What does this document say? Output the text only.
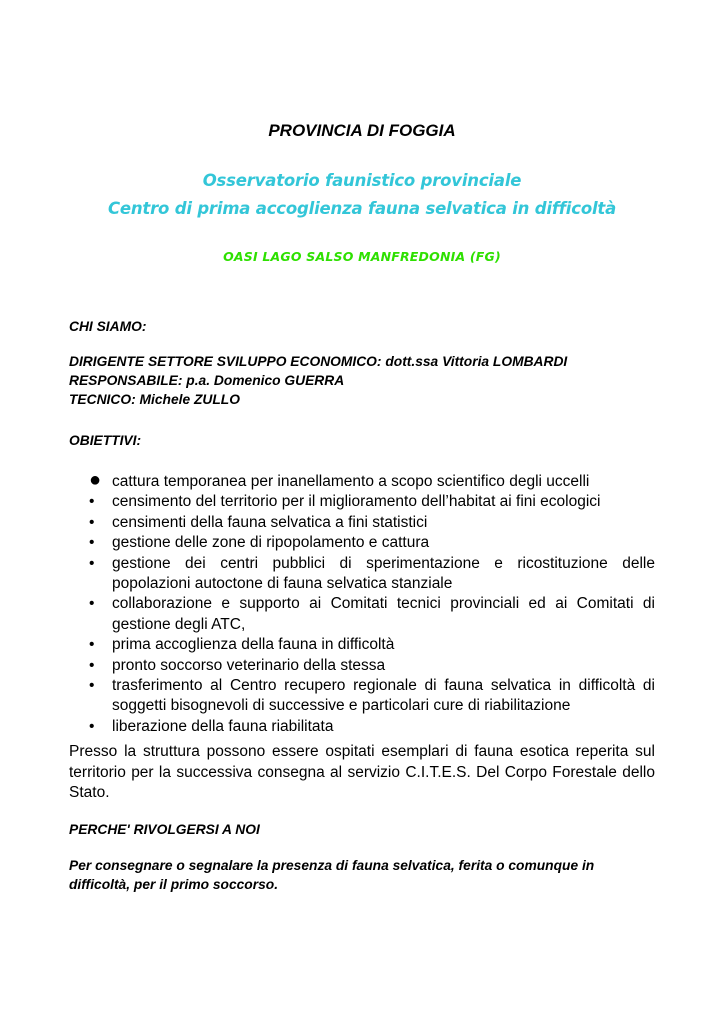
PROVINCIA DI FOGGIA
Osservatorio faunistico provinciale
Centro di prima accoglienza fauna selvatica in difficoltà
OASI LAGO SALSO MANFREDONIA (FG)
CHI SIAMO:
DIRIGENTE SETTORE SVILUPPO ECONOMICO: dott.ssa Vittoria LOMBARDI
RESPONSABILE: p.a. Domenico GUERRA
TECNICO: Michele ZULLO
OBIETTIVI:
● cattura temporanea per inanellamento a scopo scientifico degli uccelli
• censimento del territorio per il miglioramento dell’habitat ai fini ecologici
• censimenti della fauna selvatica a fini statistici
• gestione delle zone di ripopolamento e cattura
• gestione dei centri pubblici di sperimentazione e ricostituzione delle popolazioni autoctone di fauna selvatica stanziale
• collaborazione e supporto ai Comitati tecnici provinciali ed ai Comitati di gestione degli ATC,
• prima accoglienza della fauna in difficoltà
• pronto soccorso veterinario della stessa
• trasferimento al Centro recupero regionale di fauna selvatica in difficoltà di soggetti bisognevoli di successive e particolari cure di riabilitazione
• liberazione della fauna riabilitata
Presso la struttura possono essere ospitati esemplari di fauna esotica reperita sul territorio per la successiva consegna al servizio C.I.T.E.S. Del Corpo Forestale dello Stato.
PERCHE' RIVOLGERSI A NOI
Per consegnare o segnalare la presenza di fauna selvatica, ferita o comunque in difficoltà, per il primo soccorso.
